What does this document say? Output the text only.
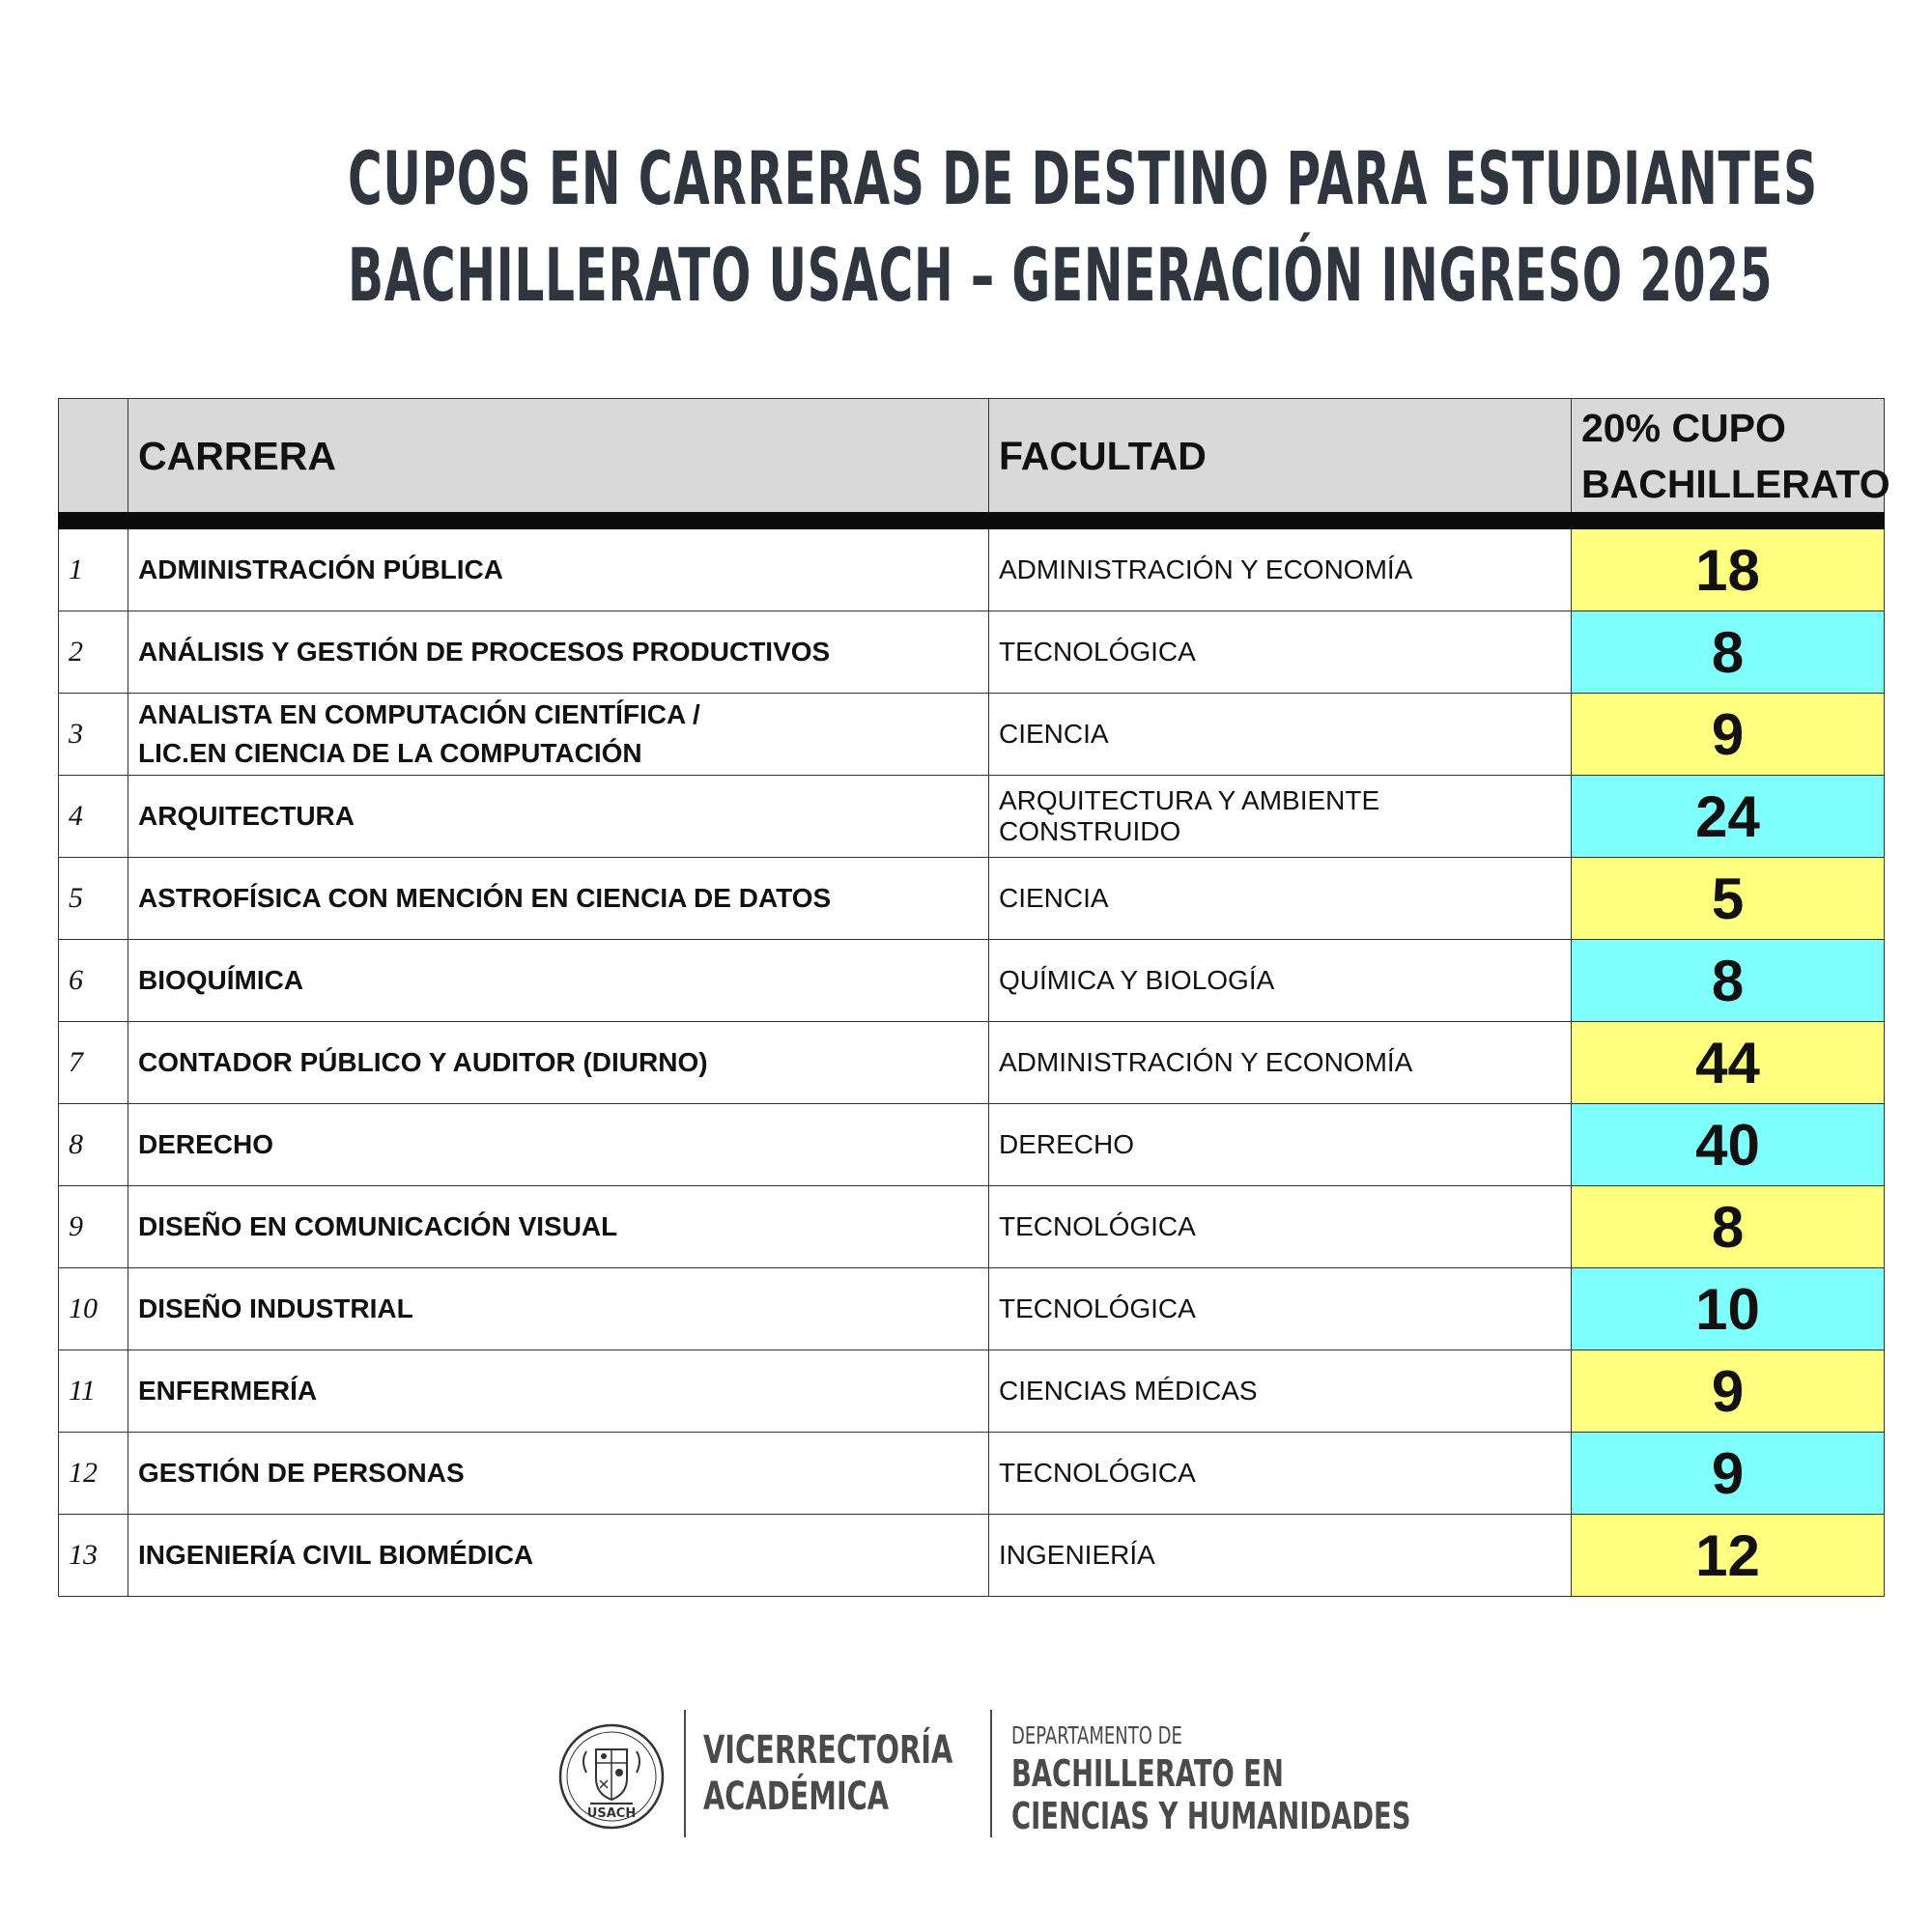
CUPOS EN CARRERAS DE DESTINO PARA ESTUDIANTES
BACHILLERATO USACH – GENERACIÓN INGRESO 2025
	CARRERA	FACULTAD	20% CUPO
BACHILLERATO

1	ADMINISTRACIÓN PÚBLICA	ADMINISTRACIÓN Y ECONOMÍA	18
2	ANÁLISIS Y GESTIÓN DE PROCESOS PRODUCTIVOS	TECNOLÓGICA	8
3	ANALISTA EN COMPUTACIÓN CIENTÍFICA /
LIC.EN CIENCIA DE LA COMPUTACIÓN	CIENCIA	9
4	ARQUITECTURA	ARQUITECTURA Y AMBIENTE CONSTRUIDO	24
5	ASTROFÍSICA CON MENCIÓN EN CIENCIA DE DATOS	CIENCIA	5
6	BIOQUÍMICA	QUÍMICA Y BIOLOGÍA	8
7	CONTADOR PÚBLICO Y AUDITOR (DIURNO)	ADMINISTRACIÓN Y ECONOMÍA	44
8	DERECHO	DERECHO	40
9	DISEÑO EN COMUNICACIÓN VISUAL	TECNOLÓGICA	8
10	DISEÑO INDUSTRIAL	TECNOLÓGICA	10
11	ENFERMERÍA	CIENCIAS MÉDICAS	9
12	GESTIÓN DE PERSONAS	TECNOLÓGICA	9
13	INGENIERÍA CIVIL BIOMÉDICA	INGENIERÍA	12
USACH
VICERRECTORÍA
ACADÉMICA
DEPARTAMENTO DE
BACHILLERATO EN
CIENCIAS Y HUMANIDADES
